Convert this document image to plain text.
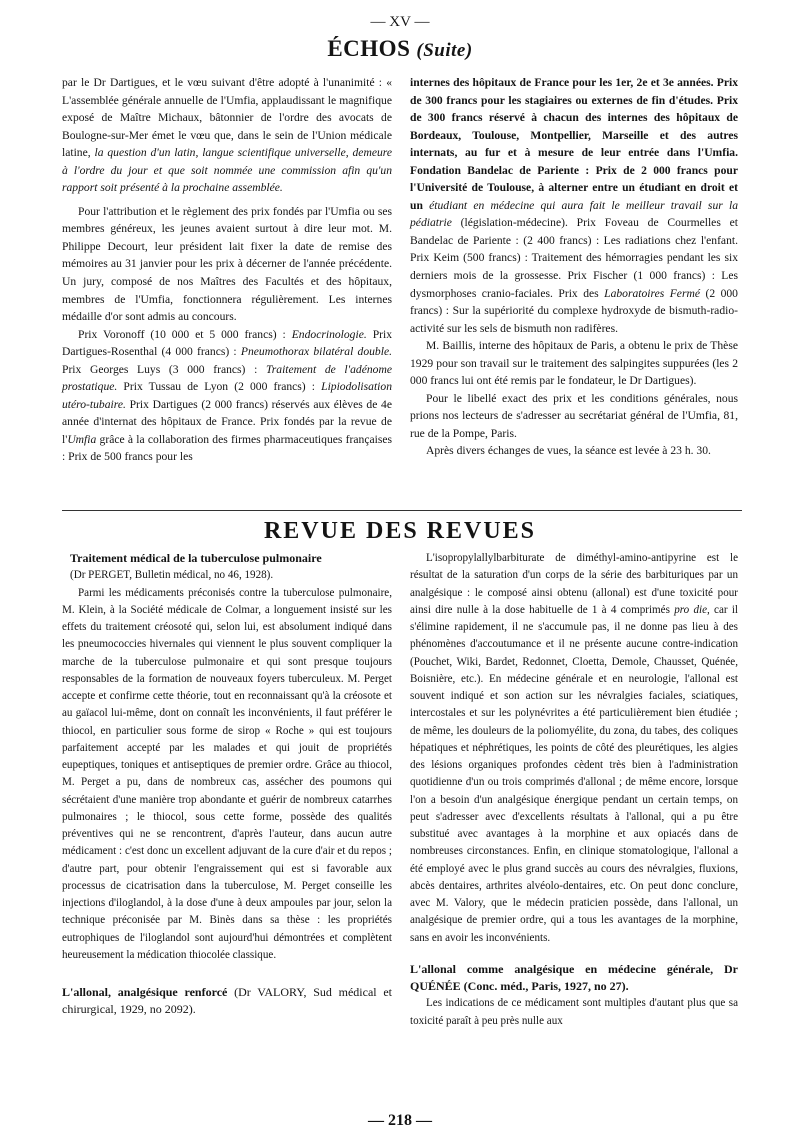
— XV —
ÉCHOS (Suite)

par le Dr Dartigues, et le vœu suivant d'être adopté à l'unanimité : « L'assemblée générale annuelle de l'Umfia, applaudissant le magnifique exposé de Maître Michaux, bâtonnier de l'ordre des avocats de Boulogne-sur-Mer émet le vœu que, dans le sein de l'Union médicale latine, la question d'un latin, langue scientifique universelle, demeure à l'ordre du jour et que soit nommée une commission afin qu'un rapport soit présenté à la prochaine assemblée.

Pour l'attribution et le règlement des prix fondés par l'Umfia ou ses membres généreux, les jeunes avaient surtout à dire leur mot. M. Philippe Decourt, leur président lait fixer la date de remise des mémoires au 31 janvier pour les prix à décerner de l'année précédente. Un jury, composé de nos Maîtres des Facultés et des hôpitaux, membres de l'Umfia, fonctionnera régulièrement. Les internes médaille d'or sont admis au concours.

Prix Voronoff (10 000 et 5 000 francs) : Endocrinologie. Prix Dartigues-Rosenthal (4 000 francs) : Pneumothorax bilatéral double. Prix Georges Luys (3 000 francs) : Traitement de l'adénome prostatique. Prix Tussau de Lyon (2 000 francs) : Lipiodolisation utéro-tubaire. Prix Dartigues (2 000 francs) réservés aux élèves de 4e année d'internat des hôpitaux de France. Prix fondés par la revue de l'Umfia grâce à la collaboration des firmes pharmaceutiques françaises : Prix de 500 francs pour les

internes des hôpitaux de France pour les 1er, 2e et 3e années. Prix de 300 francs pour les stagiaires ou externes de fin d'études. Prix de 300 francs réservé à chacun des internes des hôpitaux de Bordeaux, Toulouse, Montpellier, Marseille et des autres internats, au fur et à mesure de leur entrée dans l'Umfia. Fondation Bandelac de Pariente : Prix de 2 000 francs pour l'Université de Toulouse, à alterner entre un étudiant en droit et un étudiant en médecine qui aura fait le meilleur travail sur la pédiatrie (législation-médecine). Prix Foveau de Courmelles et Bandelac de Pariente : (2 400 francs) : Les radiations chez l'enfant. Prix Keim (500 francs) : Traitement des hémorragies pendant les six derniers mois de la grossesse. Prix Fischer (1 000 francs) : Les dysmorphoses cranio-faciales. Prix des Laboratoires Fermé (2 000 francs) : Sur la supériorité du complexe hydroxyde de bismuth-radio-activité sur les sels de bismuth non radifères.

M. Baillis, interne des hôpitaux de Paris, a obtenu le prix de Thèse 1929 pour son travail sur le traitement des salpingites suppurées (les 2 000 francs lui ont été remis par le fondateur, le Dr Dartigues).

Pour le libellé exact des prix et les conditions générales, nous prions nos lecteurs de s'adresser au secrétariat général de l'Umfia, 81, rue de la Pompe, Paris.

Après divers échanges de vues, la séance est levée à 23 h. 30.

REVUE DES REVUES

Traitement médical de la tuberculose pulmonaire

(Dr PERGET, Bulletin médical, no 46, 1928).

Parmi les médicaments préconisés contre la tuberculose pulmonaire, M. Klein, à la Société médicale de Colmar, a longuement insisté sur les effets du traitement créosoté qui, selon lui, est absolument indiqué dans les pneumococcies hivernales qui viennent le plus souvent compliquer la marche de la tuberculose pulmonaire et qui sont presque toujours responsables de la formation de nouveaux foyers tuberculeux. M. Perget accepte et confirme cette théorie, tout en reconnaissant qu'à la créosote et au gaïacol lui-même, dont on connaît les inconvénients, il faut préférer le thiocol, en particulier sous forme de sirop « Roche » qui est toujours parfaitement accepté par les malades et qui jouit de propriétés eupeptiques, toniques et antiseptiques de premier ordre. Grâce au thiocol, M. Perget a pu, dans de nombreux cas, assécher des poumons qui sécrétaient d'une manière trop abondante et guérir de nombreux catarrhes pulmonaires ; le thiocol, sous cette forme, possède des qualités préventives qui ne se rencontrent, d'après l'auteur, dans aucun autre médicament : c'est donc un excellent adjuvant de la cure d'air et du repos ; d'autre part, pour obtenir l'engraissement qui est si favorable aux processus de cicatrisation dans la tuberculose, M. Perget conseille les injections d'iloglandol, à la dose d'une à deux ampoules par jour, selon la technique préconisée par M. Binès dans sa thèse : les propriétés eutrophiques de l'iloglandol sont aujourd'hui démontrées et complètent heureusement la médication thiocolée classique.

L'allonal, analgésique renforcé (Dr VALORY, Sud médical et chirurgical, 1929, no 2092).

L'isopropylallylbarbiturate de diméthyl-amino-antipyrine est le résultat de la saturation d'un corps de la série des barbituriques par un analgésique : le composé ainsi obtenu (allonal) est d'une toxicité pour ainsi dire nulle à la dose habituelle de 1 à 4 comprimés pro die, car il s'élimine rapidement, il ne s'accumule pas, il ne donne pas lieu à des phénomènes d'accoutumance et il ne présente aucune contre-indication (Pouchet, Wiki, Bardet, Redonnet, Cloetta, Demole, Chausset, Quénée, Boisnière, etc.). En médecine générale et en neurologie, l'allonal est souvent indiqué et son action sur les névralgies faciales, sciatiques, intercostales et sur les polynévrites a été particulièrement bien étudiée ; de même, les douleurs de la poliomyélite, du zona, du tabes, des coliques hépatiques et néphrétiques, les points de côté des pleurétiques, les algies des lésions organiques profondes cèdent très bien à l'administration quotidienne d'un ou trois comprimés d'allonal ; de même encore, lorsque l'on a besoin d'un analgésique énergique pendant un certain temps, on peut s'adresser avec d'excellents résultats à l'allonal, qui a pu être substitué avec avantages à la morphine et aux opiacés dans de nombreuses circonstances. Enfin, en clinique stomatologique, l'allonal a été employé avec le plus grand succès au cours des névralgies, fluxions, abcès dentaires, arthrites alvéolo-dentaires, etc. On peut donc conclure, avec M. Valory, que le médecin praticien possède, dans l'allonal, un analgésique de premier ordre, qui a tous les avantages de la morphine, sans en avoir les inconvénients.

L'allonal comme analgésique en médecine générale, Dr QUÉNÉE (Conc. méd., Paris, 1927, no 27).

Les indications de ce médicament sont multiples d'autant plus que sa toxicité paraît à peu près nulle aux

— 218 —
